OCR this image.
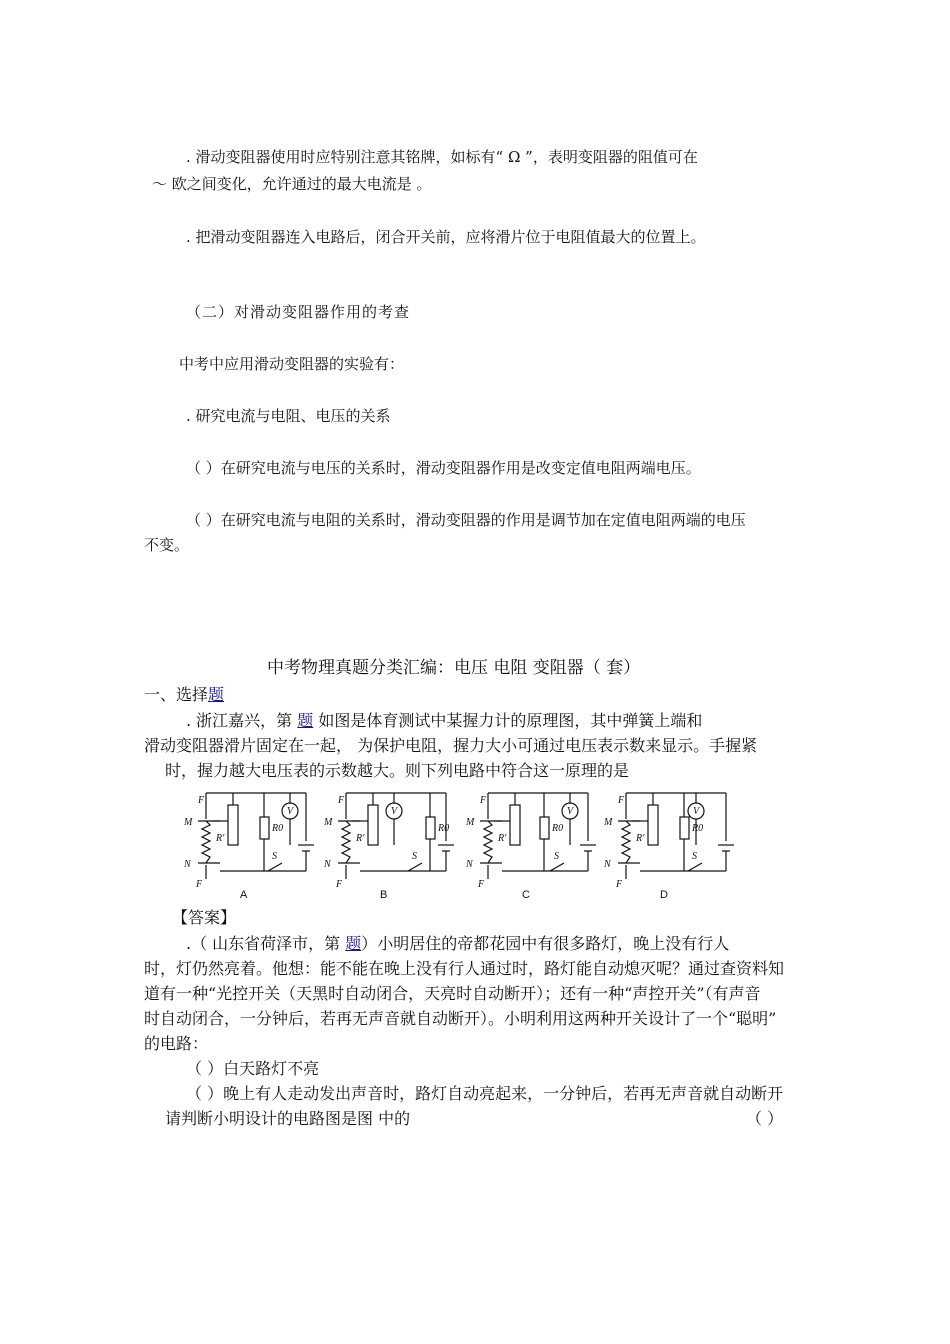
. 滑动变阻器使用时应特别注意其铭牌，如标有“ Ω ”，表明变阻器的阻值可在
～ 欧之间变化，允许通过的最大电流是 。
. 把滑动变阻器连入电路后，闭合开关前，应将滑片位于电阻值最大的位置上。
（二）对滑动变阻器作用的考查
中考中应用滑动变阻器的实验有：
. 研究电流与电阻、电压的关系
（ ）在研究电流与电压的关系时，滑动变阻器作用是改变定值电阻两端电压。
（ ）在研究电流与电阻的关系时，滑动变阻器的作用是调节加在定值电阻两端的电压
不变。
中考物理真题分类汇编：电压 电阻 变阻器（ 套）
一、选择题
. 浙江嘉兴，第 题 如图是体育测试中某握力计的原理图，其中弹簧上端和
滑动变阻器滑片固定在一起， 为保护电阻，握力大小可通过电压表示数来显示。手握紧
时，握力越大电压表的示数越大。则下列电路中符合这一原理的是
F
F
M
N
R′
R0
V
S
A
F
F
M
N
R′
R0
V
S
B
F
F
M
N
R′
R0
V
S
C
F
F
M
N
R′
R0
V
S
D
【答案】
.（ 山东省荷泽市，第 题）小明居住的帝都花园中有很多路灯，晚上没有行人
时，灯仍然亮着。他想：能不能在晚上没有行人通过时，路灯能自动熄灭呢？通过查资料知
道有一种“光控开关（天黑时自动闭合，天亮时自动断开）；还有一种“声控开关”（有声音
时自动闭合，一分钟后，若再无声音就自动断开）。小明利用这两种开关设计了一个“聪明”
的电路：
（ ）白天路灯不亮
（ ）晚上有人走动发出声音时，路灯自动亮起来，一分钟后，若再无声音就自动断开
请判断小明设计的电路图是图 中的	（ ）
